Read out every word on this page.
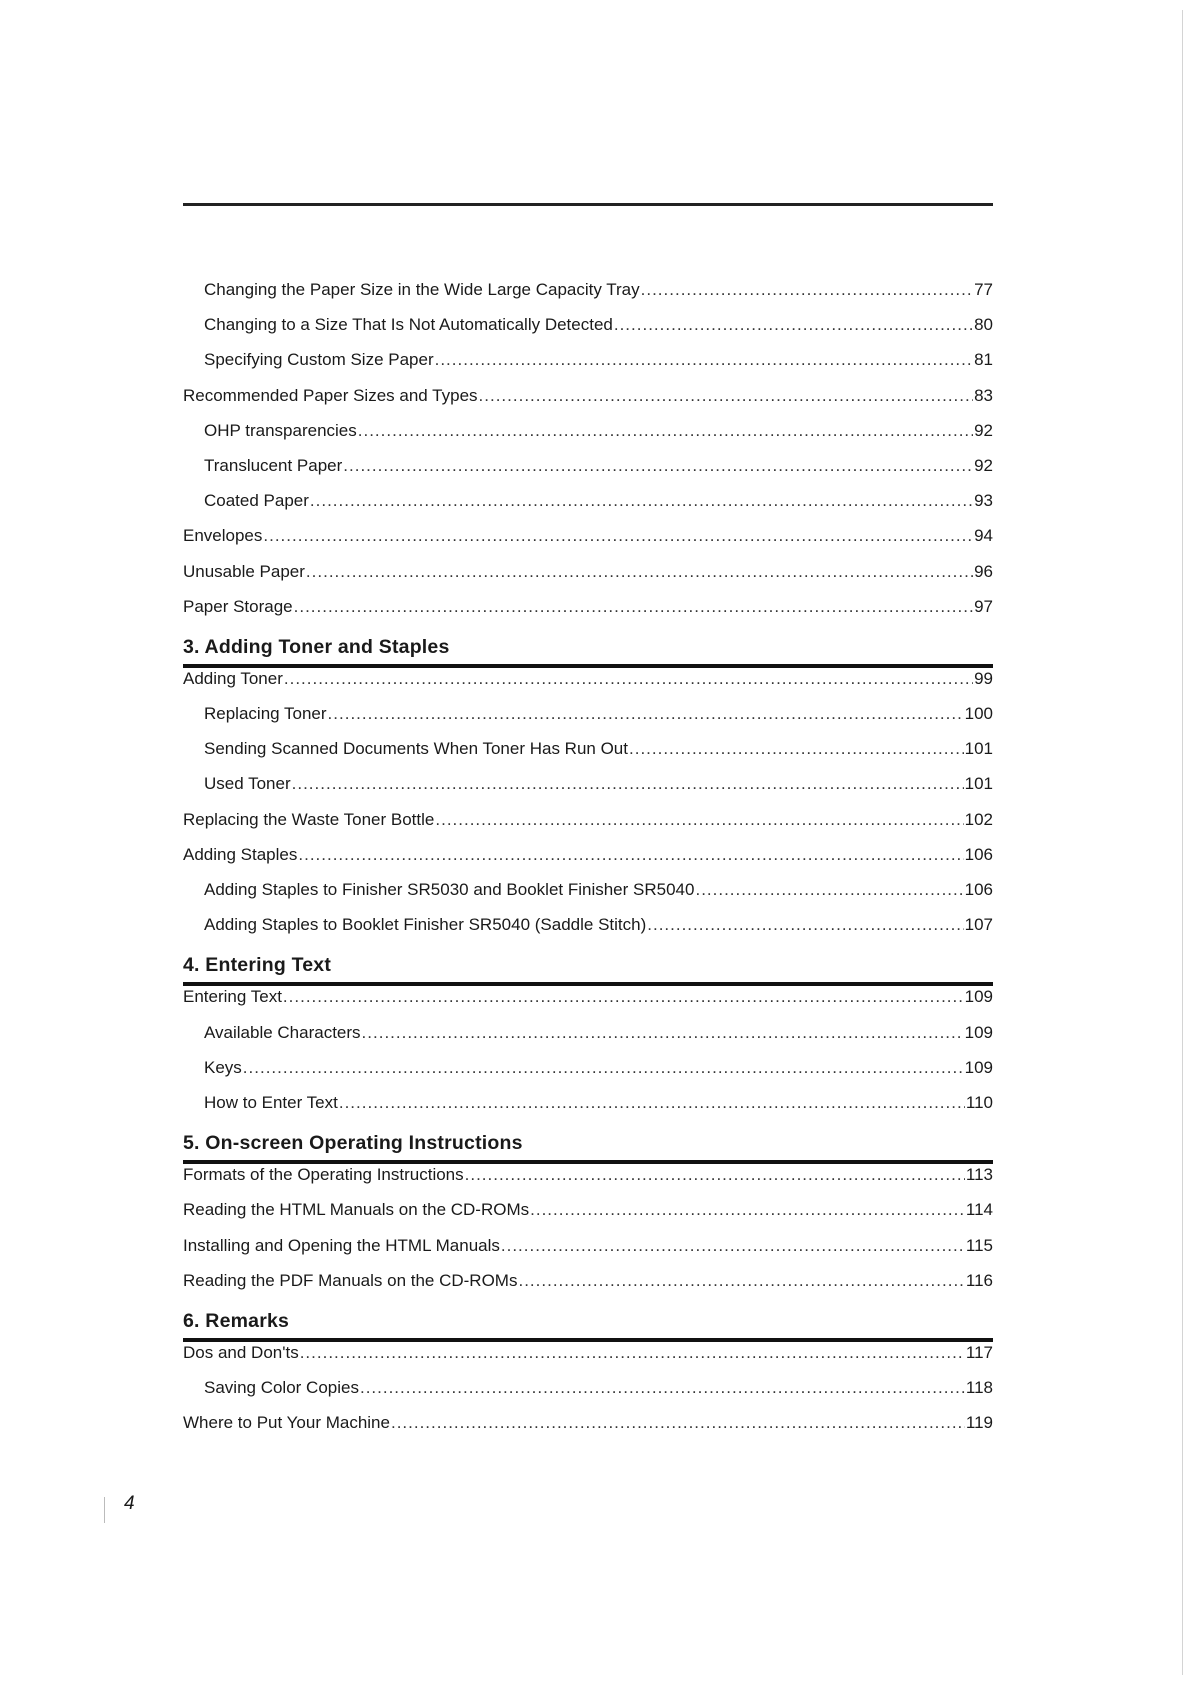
Changing the Paper Size in the Wide Large Capacity Tray .....	77
Changing to a Size That Is Not Automatically Detected .....	80
Specifying Custom Size Paper .....	81
Recommended Paper Sizes and Types .....	83
OHP transparencies .....	92
Translucent Paper .....	92
Coated Paper .....	93
Envelopes .....	94
Unusable Paper .....	96
Paper Storage .....	97
3. Adding Toner and Staples
Adding Toner .....	99
Replacing Toner .....	100
Sending Scanned Documents When Toner Has Run Out .....	101
Used Toner .....	101
Replacing the Waste Toner Bottle .....	102
Adding Staples .....	106
Adding Staples to Finisher SR5030 and Booklet Finisher SR5040 .....	106
Adding Staples to Booklet Finisher SR5040 (Saddle Stitch) .....	107
4. Entering Text
Entering Text .....	109
Available Characters .....	109
Keys .....	109
How to Enter Text .....	110
5. On-screen Operating Instructions
Formats of the Operating Instructions .....	113
Reading the HTML Manuals on the CD-ROMs .....	114
Installing and Opening the HTML Manuals .....	115
Reading the PDF Manuals on the CD-ROMs .....	116
6. Remarks
Dos and Don'ts .....	117
Saving Color Copies .....	118
Where to Put Your Machine .....	119
4
